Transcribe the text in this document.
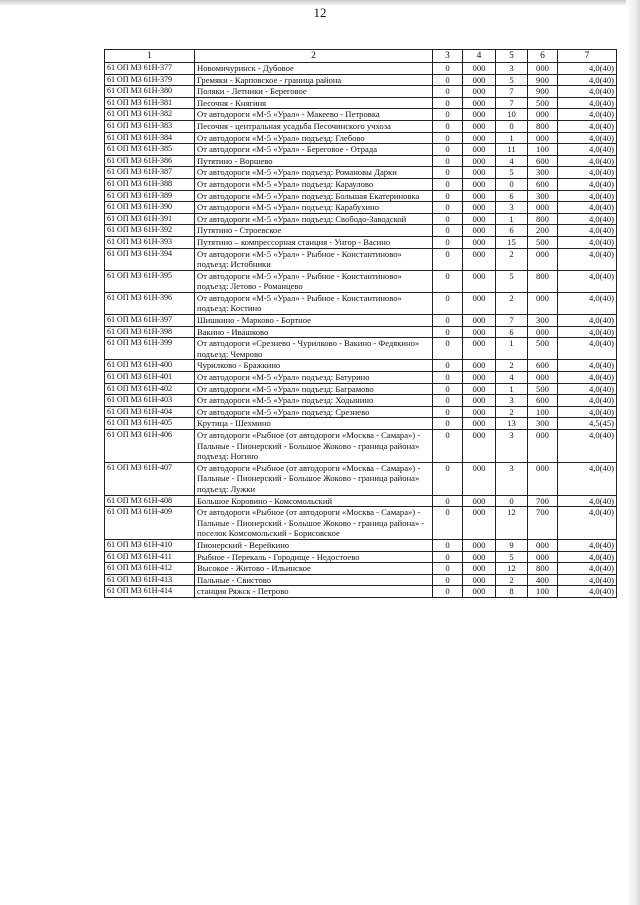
12
1	2	3	4	5	6	7
61 ОП МЗ 61Н-377	Новомичуринск - Дубовое	0	000	3	000	4,0(40)
61 ОП МЗ 61Н-379	Гремяки - Карповское - граница района	0	000	5	900	4,0(40)
61 ОП МЗ 61Н-380	Поляки - Летники - Береговое	0	000	7	900	4,0(40)
61 ОП МЗ 61Н-381	Песочня - Княгиня	0	000	7	500	4,0(40)
61 ОП МЗ 61Н-382	От автодороги «М-5 «Урал» - Макеево - Петровка	0	000	10	000	4,0(40)
61 ОП МЗ 61Н-383	Песочня - центральная усадьба Песочинского учхоза	0	000	0	800	4,0(40)
61 ОП МЗ 61Н-384	От автодороги «М-5 «Урал» подъезд: Глебово	0	000	1	000	4,0(40)
61 ОП МЗ 61Н-385	От автодороги «М-5 «Урал» - Береговое - Отрада	0	000	11	100	4,0(40)
61 ОП МЗ 61Н-386	Путятино - Воршево	0	000	4	600	4,0(40)
61 ОП МЗ 61Н-387	От автодороги «М-5 «Урал» подъезд: Романовы Дарки	0	000	5	300	4,0(40)
61 ОП МЗ 61Н-388	От автодороги «М-5 «Урал» подъезд: Караулово	0	000	0	600	4,0(40)
61 ОП МЗ 61Н-389	От автодороги «М-5 «Урал» подъезд: Большая Екатериновка	0	000	6	300	4,0(40)
61 ОП МЗ 61Н-390	От автодороги «М-5 «Урал» подъезд: Карабухино	0	000	3	000	4,0(40)
61 ОП МЗ 61Н-391	От автодороги «М-5 «Урал» подъезд: Свободо-Заводской	0	000	1	800	4,0(40)
61 ОП МЗ 61Н-392	Путятино - Строевское	0	000	6	200	4,0(40)
61 ОП МЗ 61Н-393	Путятино – компрессорная станция - Унгор - Васино	0	000	15	500	4,0(40)
61 ОП МЗ 61Н-394	От автодороги «М-5 «Урал» - Рыбное - Константиново» подъезд: Истобники	0	000	2	000	4,0(40)
61 ОП МЗ 61Н-395	От автодороги «М-5 «Урал» - Рыбное - Константиново» подъезд: Летово - Романцево	0	000	5	800	4,0(40)
61 ОП МЗ 61Н-396	От автодороги «М-5 «Урал» - Рыбное - Константиново» подъезд: Костино	0	000	2	000	4,0(40)
61 ОП МЗ 61Н-397	Шишкино - Марково - Бортное	0	000	7	300	4,0(40)
61 ОП МЗ 61Н-398	Вакино - Ивашково	0	000	6	000	4,0(40)
61 ОП МЗ 61Н-399	От автодороги «Срезнево - Чурилково - Вакино - Федякино» подъезд: Чемрово	0	000	1	500	4,0(40)
61 ОП МЗ 61Н-400	Чурилково - Бражкино	0	000	2	600	4,0(40)
61 ОП МЗ 61Н-401	От автодороги «М-5 «Урал» подъезд: Батурино	0	000	4	000	4,0(40)
61 ОП МЗ 61Н-402	От автодороги «М-5 «Урал» подъезд: Баграмово	0	000	1	500	4,0(40)
61 ОП МЗ 61Н-403	От автодороги «М-5 «Урал» подъезд: Ходынино	0	000	3	600	4,0(40)
61 ОП МЗ 61Н-404	От автодороги «М-5 «Урал» подъезд: Срезнево	0	000	2	100	4,0(40)
61 ОП МЗ 61Н-405	Крутица - Шехмино	0	000	13	300	4,5(45)
61 ОП МЗ 61Н-406	От автодороги «Рыбное (от автодороги «Москва - Самара») - Пальные - Пионерский - Большое Жоково - граница района» подъезд: Ногино	0	000	3	000	4,0(40)
61 ОП МЗ 61Н-407	От автодороги «Рыбное (от автодороги «Москва - Самара») - Пальные - Пионерский - Большое Жоково - граница района» подъезд: Лужки	0	000	3	000	4,0(40)
61 ОП МЗ 61Н-408	Большое Коровино - Комсомольский	0	000	0	700	4,0(40)
61 ОП МЗ 61Н-409	От автодороги «Рыбное (от автодороги «Москва - Самара») - Пальные - Пионерский - Большое Жоково - граница района» - поселок Комсомольский - Борисовское	0	000	12	700	4,0(40)
61 ОП МЗ 61Н-410	Пионерский - Верейкино	0	000	9	000	4,0(40)
61 ОП МЗ 61Н-411	Рыбное - Перекаль - Городище - Недостоево	0	000	5	000	4,0(40)
61 ОП МЗ 61Н-412	Высокое - Житово - Ильинское	0	000	12	800	4,0(40)
61 ОП МЗ 61Н-413	Пальные - Свистово	0	000	2	400	4,0(40)
61 ОП МЗ 61Н-414	станция Ряжск - Петрово	0	000	8	100	4,0(40)
